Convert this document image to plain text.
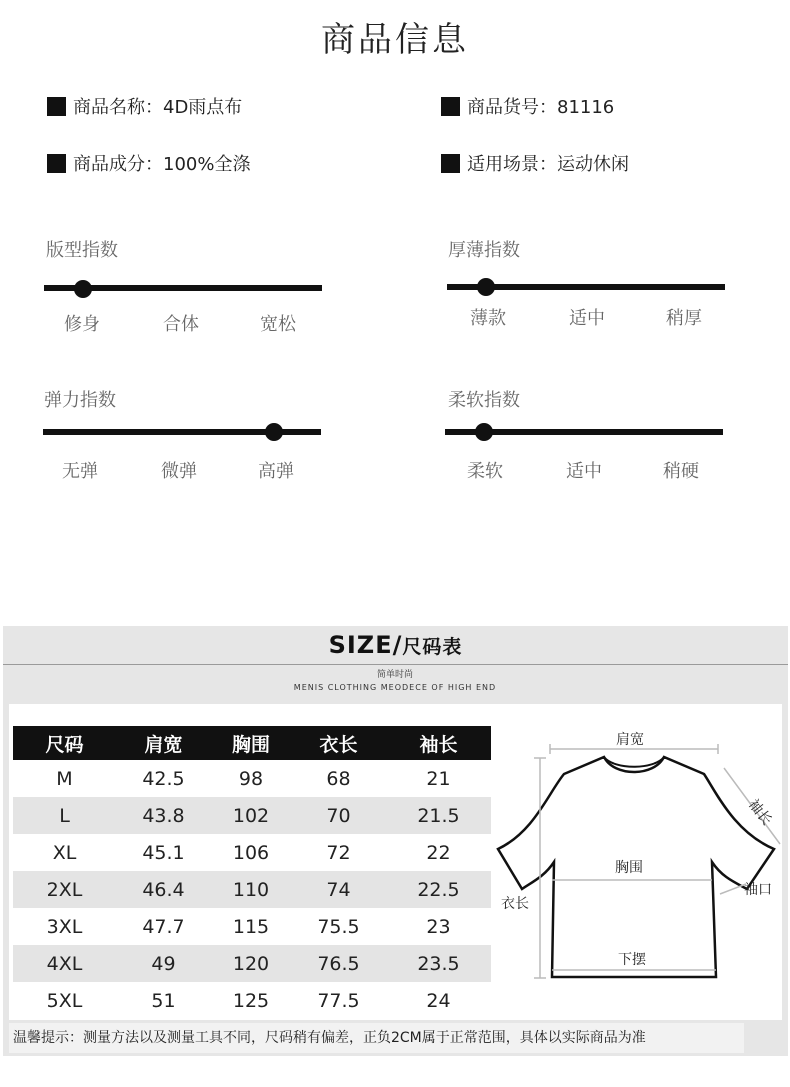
商品信息
商品名称：4D雨点布	商品货号：81116
商品成分：100%全涤	适用场景：运动休闲
版型指数
修身	合体	宽松
厚薄指数
薄款	适中	稍厚
弹力指数
无弹	微弹	高弹
柔软指数
柔软	适中	稍硬
SIZE/尺码表
简单时尚
MENIS CLOTHING MEODECE OF HIGH END
尺码	肩宽	胸围	衣长	袖长
M	42.5	98	68	21
L	43.8	102	70	21.5
XL	45.1	106	72	22
2XL	46.4	110	74	22.5
3XL	47.7	115	75.5	23
4XL	49	120	76.5	23.5
5XL	51	125	77.5	24
肩宽
袖长
胸围
衣长
袖口
下摆
温馨提示：测量方法以及测量工具不同，尺码稍有偏差，正负2CM属于正常范围，具体以实际商品为准
